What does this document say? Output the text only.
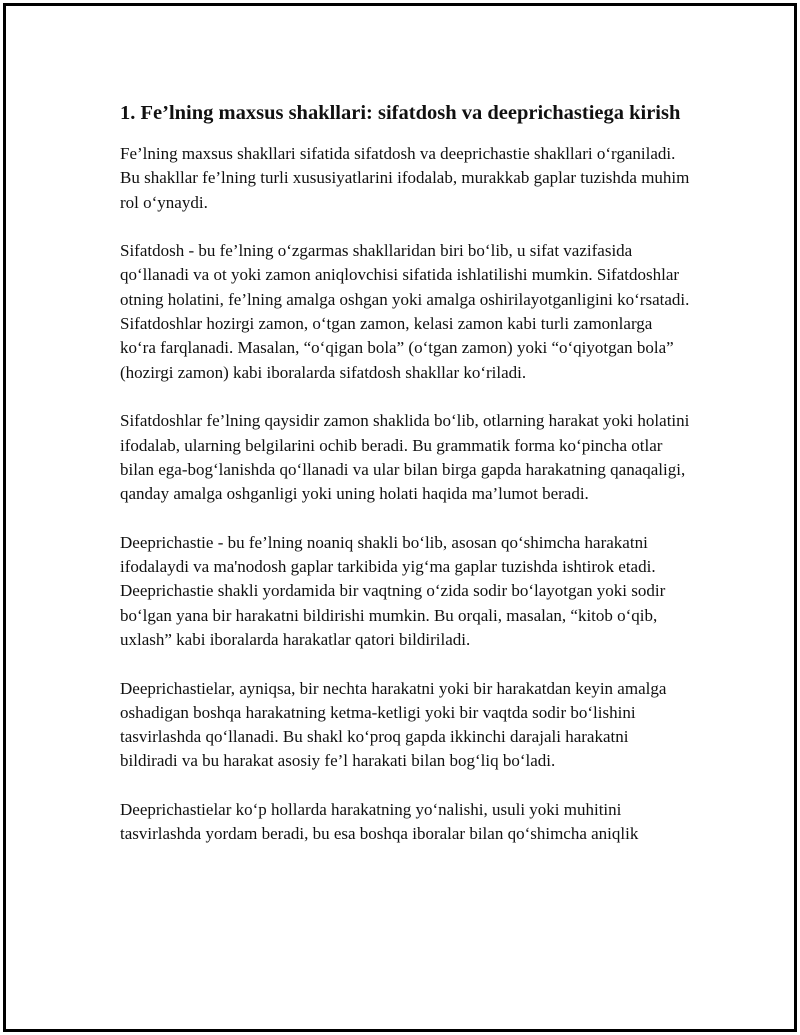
1. Fe’lning maxsus shakllari: sifatdosh va deeprichastiega kirish

Fe’lning maxsus shakllari sifatida sifatdosh va deeprichastie shakllari o‘rganiladi. Bu shakllar fe’lning turli xususiyatlarini ifodalab, murakkab gaplar tuzishda muhim rol o‘ynaydi.

Sifatdosh - bu fe’lning o‘zgarmas shakllaridan biri bo‘lib, u sifat vazifasida qo‘llanadi va ot yoki zamon aniqlovchisi sifatida ishlatilishi mumkin. Sifatdoshlar otning holatini, fe’lning amalga oshgan yoki amalga oshirilayotganligini ko‘rsatadi. Sifatdoshlar hozirgi zamon, o‘tgan zamon, kelasi zamon kabi turli zamonlarga ko‘ra farqlanadi. Masalan, “o‘qigan bola” (o‘tgan zamon) yoki “o‘qiyotgan bola” (hozirgi zamon) kabi iboralarda sifatdosh shakllar ko‘riladi.

Sifatdoshlar fe’lning qaysidir zamon shaklida bo‘lib, otlarning harakat yoki holatini ifodalab, ularning belgilarini ochib beradi. Bu grammatik forma ko‘pincha otlar bilan ega-bog‘lanishda qo‘llanadi va ular bilan birga gapda harakatning qanaqaligi, qanday amalga oshganligi yoki uning holati haqida ma’lumot beradi.

Deeprichastie - bu fe’lning noaniq shakli bo‘lib, asosan qo‘shimcha harakatni ifodalaydi va ma'nodosh gaplar tarkibida yig‘ma gaplar tuzishda ishtirok etadi. Deeprichastie shakli yordamida bir vaqtning o‘zida sodir bo‘layotgan yoki sodir bo‘lgan yana bir harakatni bildirishi mumkin. Bu orqali, masalan, “kitob o‘qib, uxlash” kabi iboralarda harakatlar qatori bildiriladi.

Deeprichastielar, ayniqsa, bir nechta harakatni yoki bir harakatdan keyin amalga oshadigan boshqa harakatning ketma-ketligi yoki bir vaqtda sodir bo‘lishini tasvirlashda qo‘llanadi. Bu shakl ko‘proq gapda ikkinchi darajali harakatni bildiradi va bu harakat asosiy fe’l harakati bilan bog‘liq bo‘ladi.

Deeprichastielar ko‘p hollarda harakatning yo‘nalishi, usuli yoki muhitini tasvirlashda yordam beradi, bu esa boshqa iboralar bilan qo‘shimcha aniqlik
